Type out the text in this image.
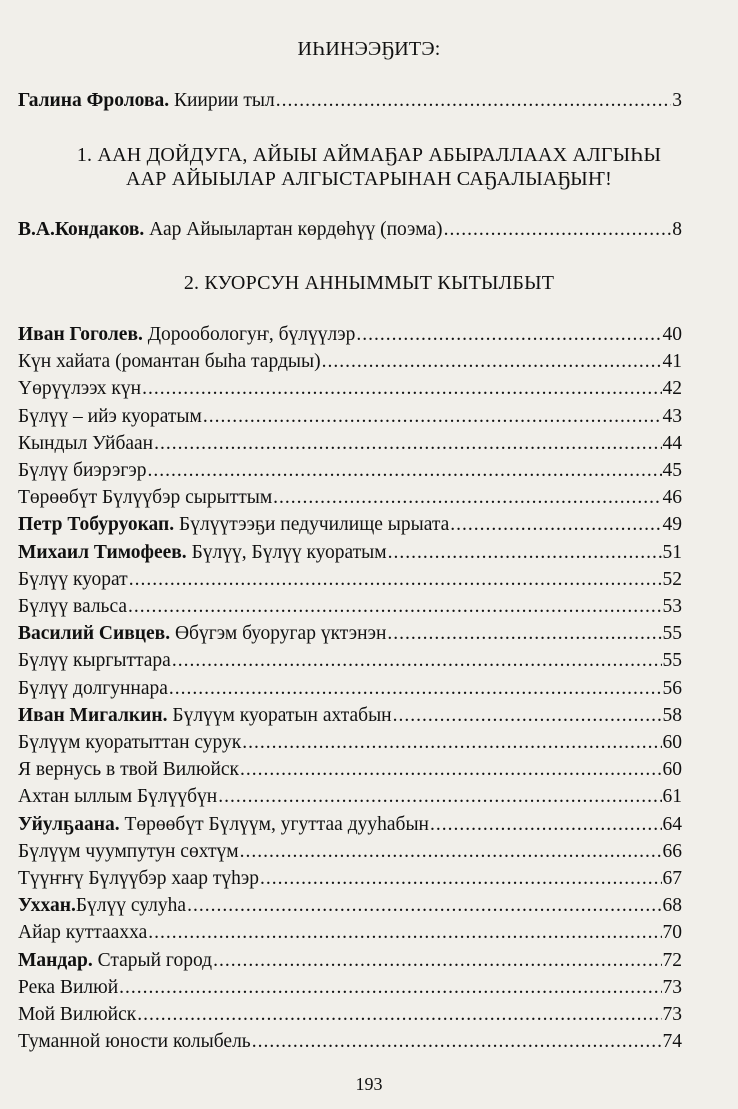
ИҺИНЭЭҔИТЭ:
Галина Фролова. Киирии тыл .....	3
1. ААН ДОЙДУГА, АЙЫЫ АЙМАҔАР АБЫРАЛЛААХ АЛГЫҺЫ
ААР АЙЫЫЛАР АЛГЫСТАРЫНАН САҔАЛЫАҔЫҤ!
В.А.Кондаков. Аар Айыылартан көрдөһүү (поэма) .....	8
2. КУОРСУН АННЫММЫТ КЫТЫЛБЫТ
Иван Гоголев. Дорообологуҥ, бүлүүлэр .....	40
Күн хайата (романтан быһа тардыы) .....	41
Үөрүүлээх күн .....	42
Бүлүү – ийэ куоратым .....	43
Кындыл Уйбаан .....	44
Бүлүү биэрэгэр .....	45
Төрөөбүт Бүлүүбэр сырыттым .....	46
Петр Тобуруокап. Бүлүүтээҕи педучилище ырыата .....	49
Михаил Тимофеев. Бүлүү, Бүлүү куоратым .....	51
Бүлүү куорат .....	52
Бүлүү вальса .....	53
Василий Сивцев. Өбүгэм буоругар үктэнэн .....	55
Бүлүү кыргыттара .....	55
Бүлүү долгуннара .....	56
Иван Мигалкин. Бүлүүм куоратын ахтабын .....	58
Бүлүүм куоратыттан сурук .....	60
Я вернусь в твой Вилюйск .....	60
Ахтан ыллым Бүлүүбүн .....	61
Уйулҕаана. Төрөөбүт Бүлүүм, угуттаа дууһабын .....	64
Бүлүүм чуумпутун сөхтүм .....	66
Түүҥҥү Бүлүүбэр хаар түһэр .....	67
Уххан.Бүлүү сулуһа .....	68
Айар куттаахха .....	70
Мандар. Старый город .....	72
Река Вилюй .....	73
Мой Вилюйск .....	73
Туманной юности колыбель .....	74
193
